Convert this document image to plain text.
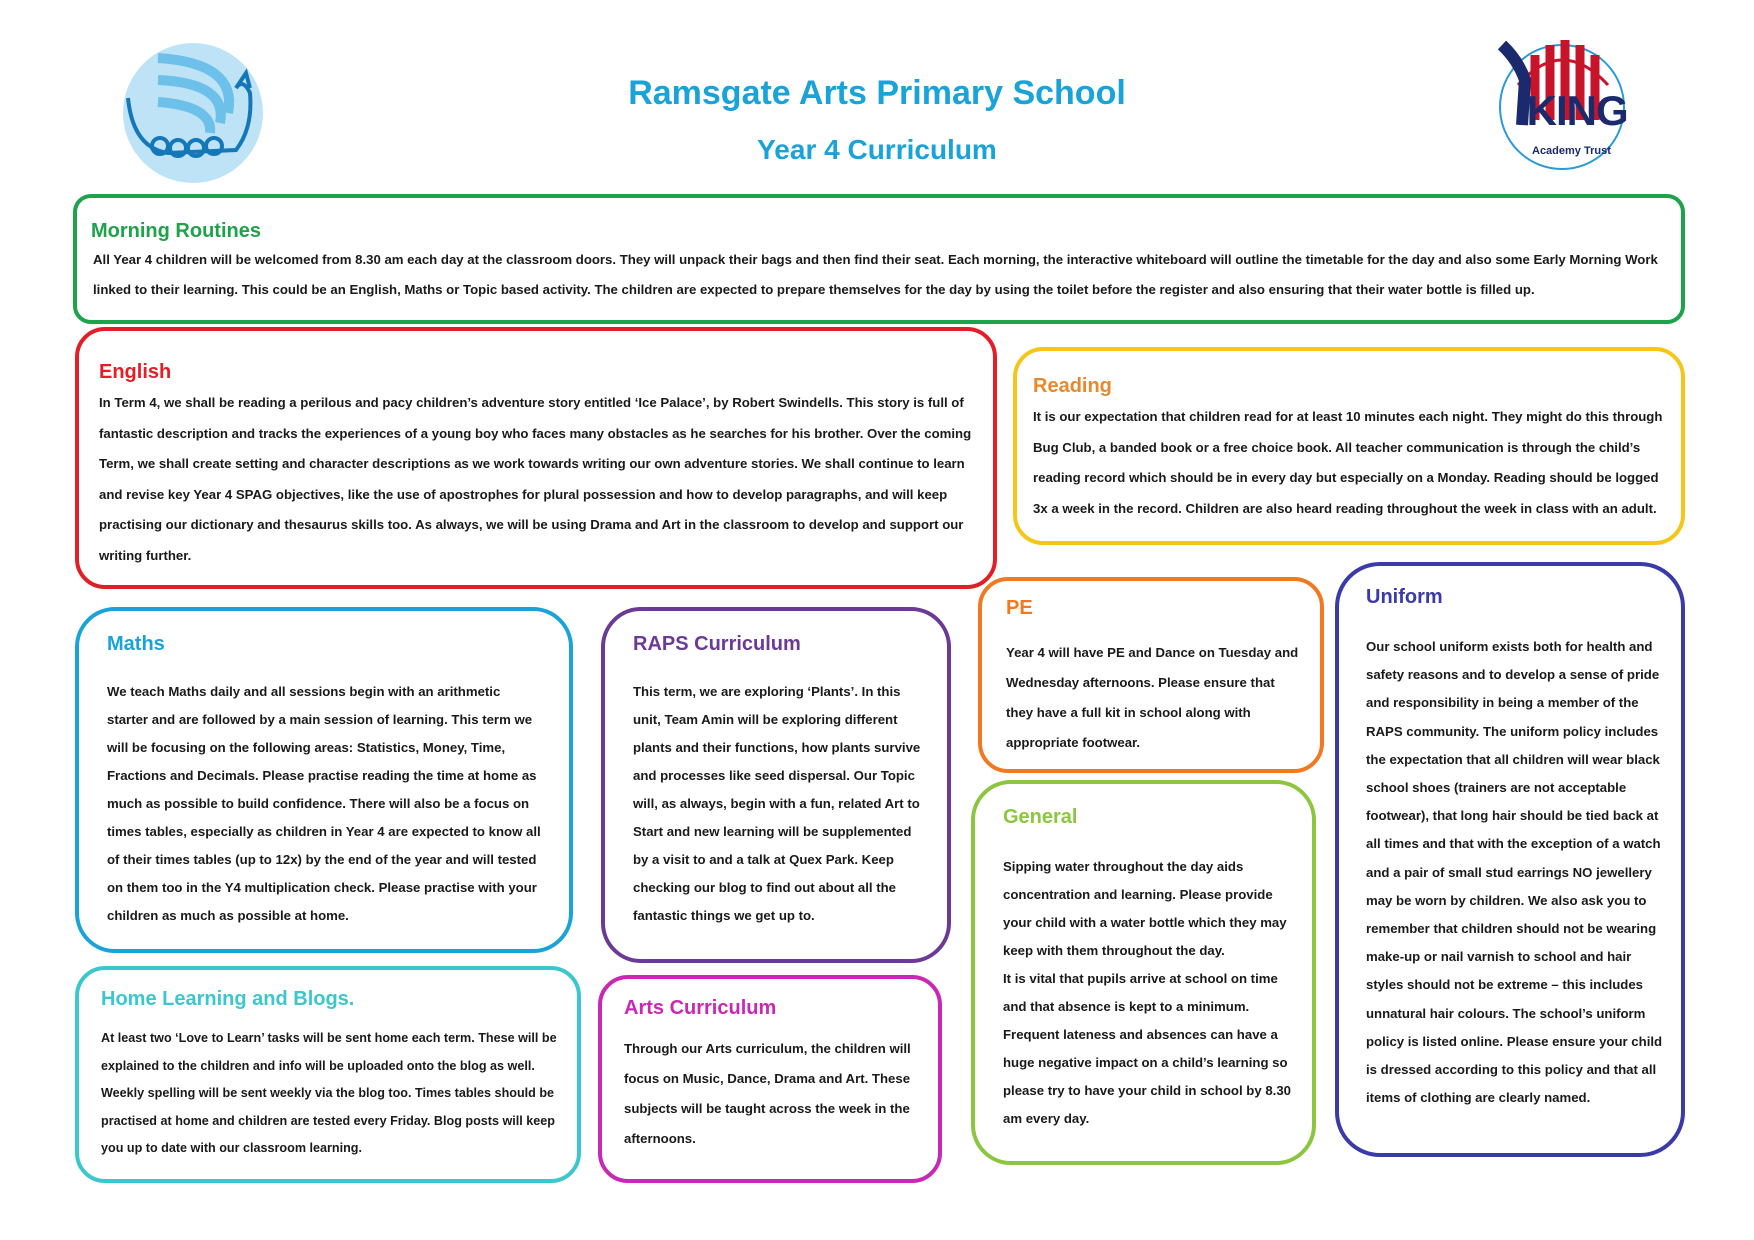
IKING
Academy Trust
Ramsgate Arts Primary School
Year 4 Curriculum
Morning Routines

All Year 4 children will be welcomed from 8.30 am each day at the classroom doors. They will unpack their bags and then find their seat. Each morning, the interactive whiteboard will outline the timetable for the day and also some Early Morning Work linked to their learning. This could be an English, Maths or Topic based activity. The children are expected to prepare themselves for the day by using the toilet before the register and also ensuring that their water bottle is filled up.

English

In Term 4, we shall be reading a perilous and pacy children’s adventure story entitled ‘Ice Palace’, by Robert Swindells. This story is full of fantastic description and tracks the experiences of a young boy who faces many obstacles as he searches for his brother. Over the coming Term, we shall create setting and character descriptions as we work towards writing our own adventure stories. We shall continue to learn and revise key Year 4 SPAG objectives, like the use of apostrophes for plural possession and how to develop paragraphs, and will keep practising our dictionary and thesaurus skills too. As always, we will be using Drama and Art in the classroom to develop and support our writing further.

Reading

It is our expectation that children read for at least 10 minutes each night. They might do this through Bug Club, a banded book or a free choice book. All teacher communication is through the child’s reading record which should be in every day but especially on a Monday. Reading should be logged 3x a week in the record. Children are also heard reading throughout the week in class with an adult.

Maths

We teach Maths daily and all sessions begin with an arithmetic starter and are followed by a main session of learning. This term we will be focusing on the following areas: Statistics, Money, Time, Fractions and Decimals. Please practise reading the time at home as much as possible to build confidence. There will also be a focus on times tables, especially as children in Year 4 are expected to know all of their times tables (up to 12x) by the end of the year and will tested on them too in the Y4 multiplication check. Please practise with your children as much as possible at home.

RAPS Curriculum

This term, we are exploring ‘Plants’. In this unit, Team Amin will be exploring different plants and their functions, how plants survive and processes like seed dispersal. Our Topic will, as always, begin with a fun, related Art to Start and new learning will be supplemented by a visit to and a talk at Quex Park. Keep checking our blog to find out about all the fantastic things we get up to.

PE

Year 4 will have PE and Dance on Tuesday and Wednesday afternoons. Please ensure that they have a full kit in school along with appropriate footwear.

Uniform

Our school uniform exists both for health and safety reasons and to develop a sense of pride and responsibility in being a member of the RAPS community. The uniform policy includes the expectation that all children will wear black school shoes (trainers are not acceptable footwear), that long hair should be tied back at all times and that with the exception of a watch and a pair of small stud earrings NO jewellery may be worn by children. We also ask you to remember that children should not be wearing make-up or nail varnish to school and hair styles should not be extreme – this includes unnatural hair colours. The school’s uniform policy is listed online. Please ensure your child is dressed according to this policy and that all items of clothing are clearly named.

General

Sipping water throughout the day aids concentration and learning. Please provide your child with a water bottle which they may keep with them throughout the day.

It is vital that pupils arrive at school on time and that absence is kept to a minimum. Frequent lateness and absences can have a huge negative impact on a child’s learning so please try to have your child in school by 8.30 am every day.

Home Learning and Blogs.

At least two ‘Love to Learn’ tasks will be sent home each term. These will be explained to the children and info will be uploaded onto the blog as well. Weekly spelling will be sent weekly via the blog too. Times tables should be practised at home and children are tested every Friday. Blog posts will keep you up to date with our classroom learning.

Arts Curriculum

Through our Arts curriculum, the children will focus on Music, Dance, Drama and Art. These subjects will be taught across the week in the afternoons.
